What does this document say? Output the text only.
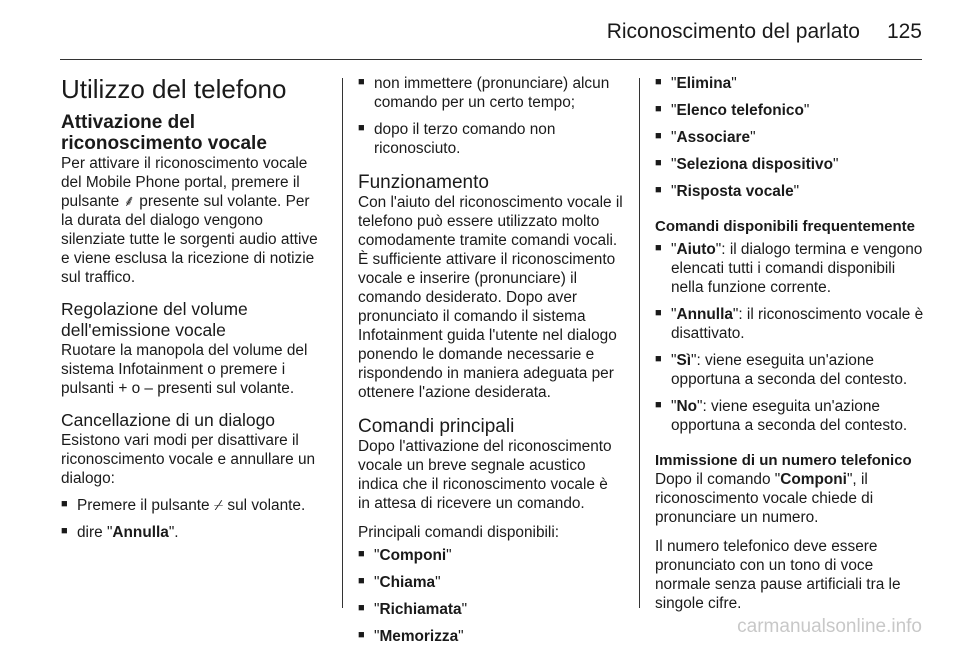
Riconoscimento del parlato 125
Utilizzo del telefono
Attivazione del riconoscimento vocale

Per attivare il riconoscimento vocale del Mobile Phone portal, premere il pulsante ⸙ presente sul volante. Per la durata del dialogo vengono silenziate tutte le sorgenti audio attive e viene esclusa la ricezione di notizie sul traffico.

Regolazione del volume dell'emissione vocale

Ruotare la manopola del volume del sistema Infotainment o premere i pulsanti + o – presenti sul volante.

Cancellazione di un dialogo

Esistono vari modi per disattivare il riconoscimento vocale e annullare un dialogo:

■ Premere il pulsante ⌿ sul volante.
■ dire "Annulla".
■ non immettere (pronunciare) alcun comando per un certo tempo;
■ dopo il terzo comando non riconosciuto.
Funzionamento

Con l'aiuto del riconoscimento vocale il telefono può essere utilizzato molto comodamente tramite comandi vocali. È sufficiente attivare il riconoscimento vocale e inserire (pronunciare) il comando desiderato. Dopo aver pronunciato il comando il sistema Infotainment guida l'utente nel dialogo ponendo le domande necessarie e rispondendo in maniera adeguata per ottenere l'azione desiderata.

Comandi principali

Dopo l'attivazione del riconoscimento vocale un breve segnale acustico indica che il riconoscimento vocale è in attesa di ricevere un comando.

Principali comandi disponibili:

■ "Componi"
■ "Chiama"
■ "Richiamata"
■ "Memorizza"
■ "Elimina"
■ "Elenco telefonico"
■ "Associare"
■ "Seleziona dispositivo"
■ "Risposta vocale"
Comandi disponibili frequentemente
■ "Aiuto": il dialogo termina e vengono elencati tutti i comandi disponibili nella funzione corrente.
■ "Annulla": il riconoscimento vocale è disattivato.
■ "Sì": viene eseguita un'azione opportuna a seconda del contesto.
■ "No": viene eseguita un'azione opportuna a seconda del contesto.
Immissione di un numero telefonico

Dopo il comando "Componi", il riconoscimento vocale chiede di pronunciare un numero.

Il numero telefonico deve essere pronunciato con un tono di voce normale senza pause artificiali tra le singole cifre.

carmanualsonline.info
